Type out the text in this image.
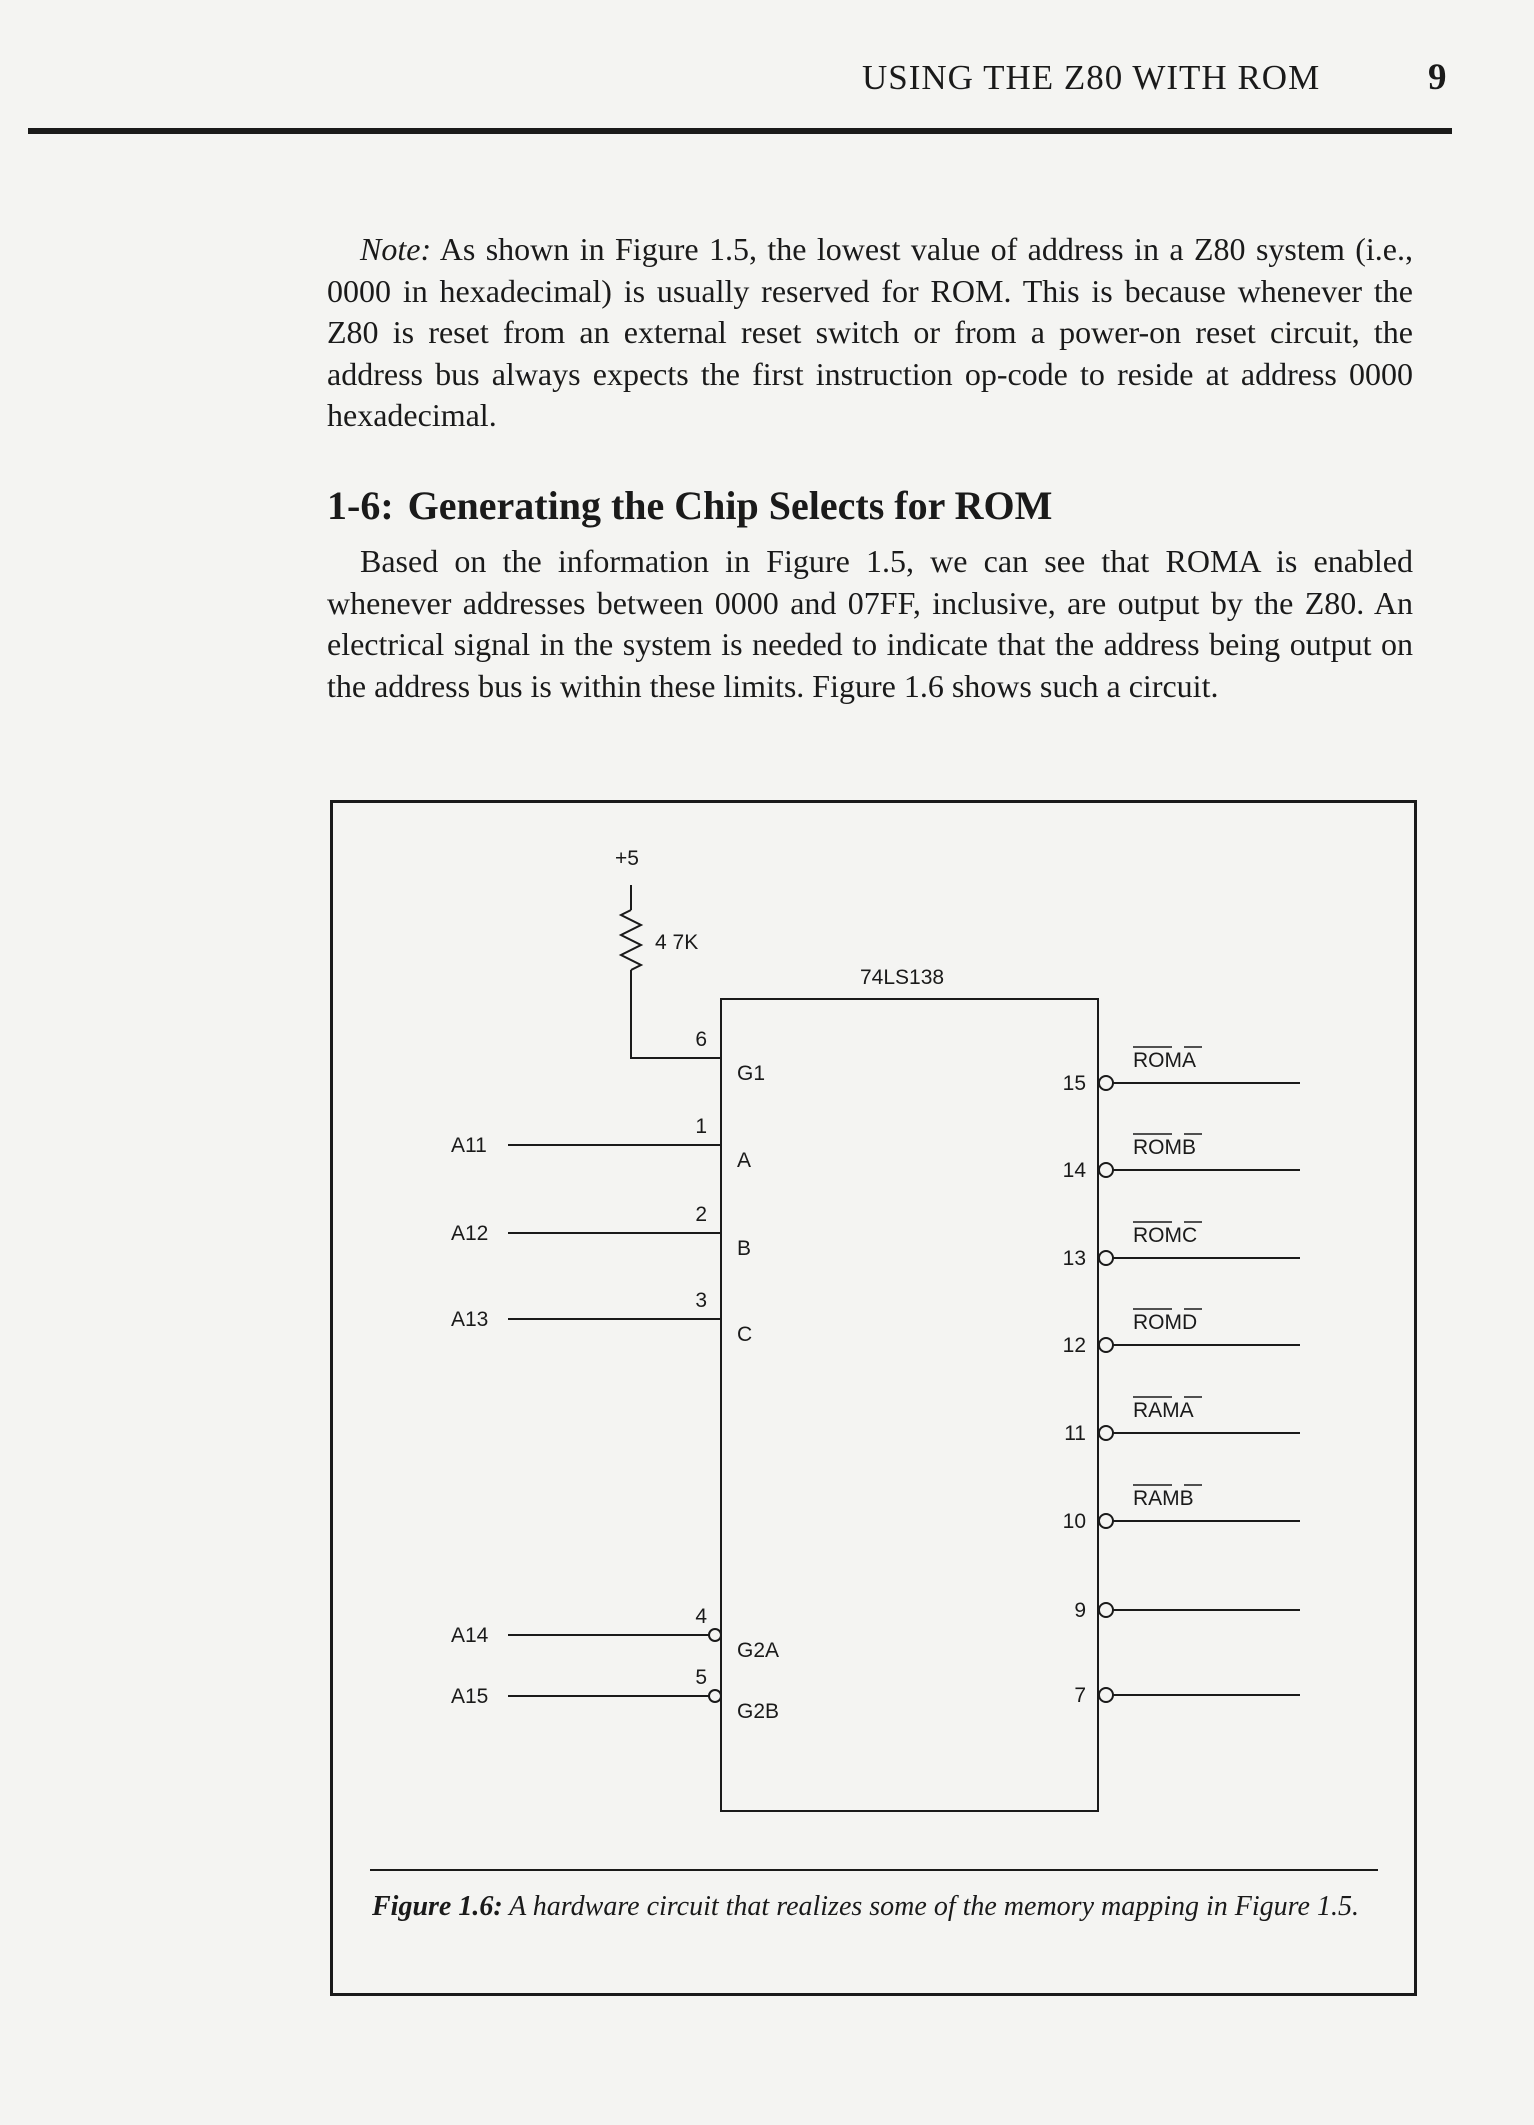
USING THE Z80 WITH ROM	9

Note: As shown in Figure 1.5, the lowest value of address in a Z80 system (i.e., 0000 in hexadecimal) is usually reserved for ROM. This is because whenever the Z80 is reset from an external reset switch or from a power-on reset circuit, the address bus always expects the first instruction op-code to reside at address 0000 hexadecimal.

1-6: Generating the Chip Selects for ROM

Based on the information in Figure 1.5, we can see that ROMA is enabled whenever addresses between 0000 and 07FF, inclusive, are output by the Z80. An electrical signal in the system is needed to indicate that the address being output on the address bus is within these limits. Figure 1.6 shows such a circuit.

74LS138
+5
4 7K
6
G1
A11
1
A
A12
2
B
A13
3
C
A14
4
G2A
A15
5
G2B
15
ROMA
14
ROMB
13
ROMC
12
ROMD
11
RAMA
10
RAMB
9
7

Figure 1.6: A hardware circuit that realizes some of the memory mapping in Figure 1.5.
